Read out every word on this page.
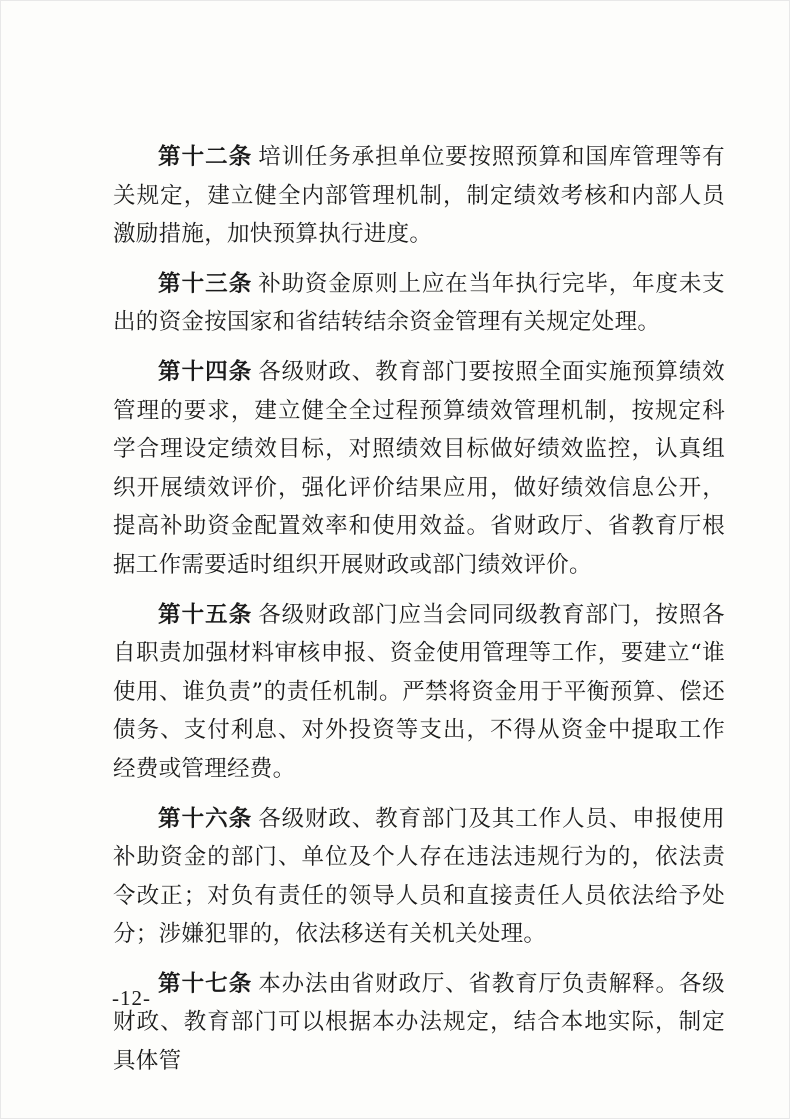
第十二条 培训任务承担单位要按照预算和国库管理等有关规定，建立健全内部管理机制，制定绩效考核和内部人员激励措施，加快预算执行进度。

第十三条 补助资金原则上应在当年执行完毕，年度未支出的资金按国家和省结转结余资金管理有关规定处理。

第十四条 各级财政、教育部门要按照全面实施预算绩效管理的要求，建立健全全过程预算绩效管理机制，按规定科学合理设定绩效目标，对照绩效目标做好绩效监控，认真组织开展绩效评价，强化评价结果应用，做好绩效信息公开，提高补助资金配置效率和使用效益。省财政厅、省教育厅根据工作需要适时组织开展财政或部门绩效评价。

第十五条 各级财政部门应当会同同级教育部门，按照各自职责加强材料审核申报、资金使用管理等工作，要建立“谁使用、谁负责”的责任机制。严禁将资金用于平衡预算、偿还债务、支付利息、对外投资等支出，不得从资金中提取工作经费或管理经费。

第十六条 各级财政、教育部门及其工作人员、申报使用补助资金的部门、单位及个人存在违法违规行为的，依法责令改正；对负有责任的领导人员和直接责任人员依法给予处分；涉嫌犯罪的，依法移送有关机关处理。

第十七条 本办法由省财政厅、省教育厅负责解释。各级财政、教育部门可以根据本办法规定，结合本地实际，制定具体管

-12-
